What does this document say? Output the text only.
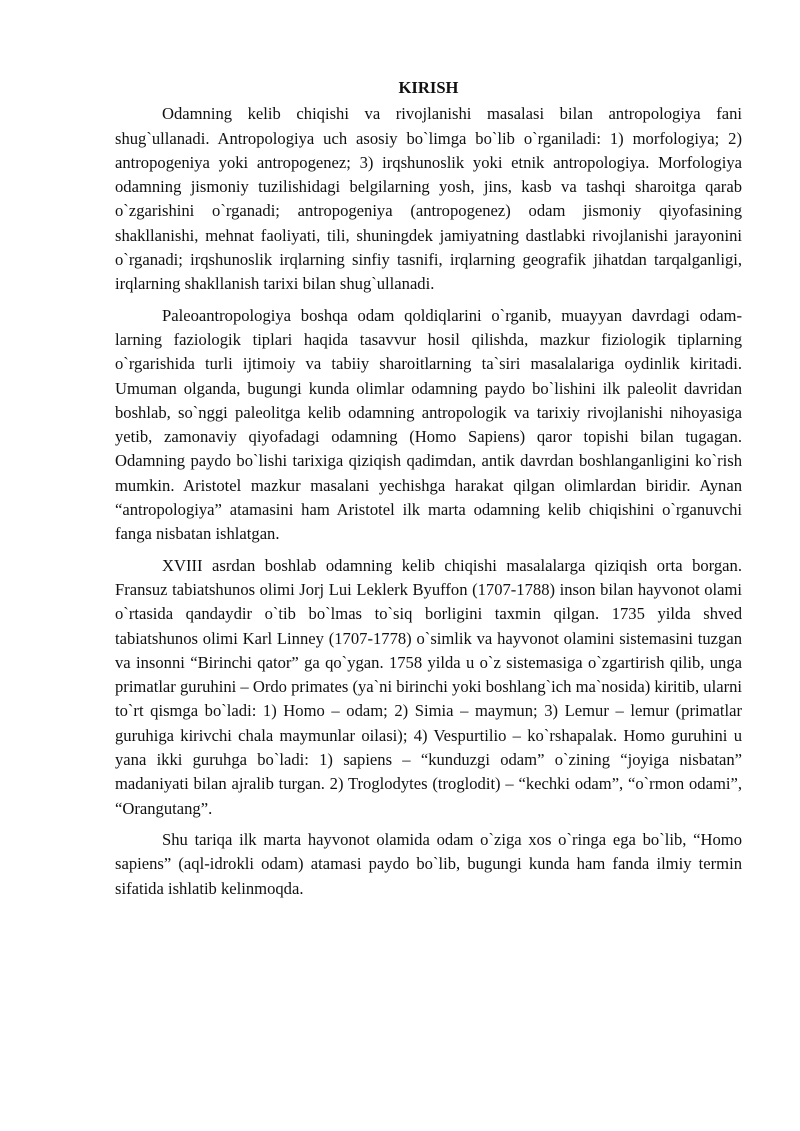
KIRISH

Odamning kelib chiqishi va rivojlanishi masalasi bilan antropologiya fani shug`ullanadi. Antropologiya uch asosiy bo`limga bo`lib o`rganiladi: 1) morfologiya; 2) antropogeniya yoki antropogenez; 3) irqshunoslik yoki etnik antropologiya. Morfologiya odamning jismoniy tuzilishidagi belgilarning yosh, jins, kasb va tashqi sharoitga qarab o`zgarishini o`rganadi; antropogeniya (antropogenez) odam jismoniy qiyofasining shakllanishi, mehnat faoliyati, tili, shuningdek jamiyatning dastlabki rivojlanishi jarayonini o`rganadi; irqshunoslik irqlarning sinfiy tasnifi, irqlarning geografik jihatdan tarqalganligi, irqlarning shakllanish tarixi bilan shug`ullanadi.

Paleoantropologiya boshqa odam qoldiqlarini o`rganib, muayyan davrdagi odam-larning faziologik tiplari haqida tasavvur hosil qilishda, mazkur fiziologik tiplarning o`rgarishida turli ijtimoiy va tabiiy sharoitlarning ta`siri masalalariga oydinlik kiritadi. Umuman olganda, bugungi kunda olimlar odamning paydo bo`lishini ilk paleolit davridan boshlab, so`nggi paleolitga kelib odamning antropologik va tarixiy rivojlanishi nihoyasiga yetib, zamonaviy qiyofadagi odamning (Homo Sapiens) qaror topishi bilan tugagan. Odamning paydo bo`lishi tarixiga qiziqish qadimdan, antik davrdan boshlanganligini ko`rish mumkin. Aristotel mazkur masalani yechishga harakat qilgan olimlardan biridir. Aynan “antropologiya” atamasini ham Aristotel ilk marta odamning kelib chiqishini o`rganuvchi fanga nisbatan ishlatgan.

XVIII asrdan boshlab odamning kelib chiqishi masalalarga qiziqish orta borgan. Fransuz tabiatshunos olimi Jorj Lui Leklerk Byuffon (1707-1788) inson bilan hayvonot olami o`rtasida qandaydir o`tib bo`lmas to`siq borligini taxmin qilgan. 1735 yilda shved tabiatshunos olimi Karl Linney (1707-1778) o`simlik va hayvonot olamini sistemasini tuzgan va insonni “Birinchi qator” ga qo`ygan. 1758 yilda u o`z sistemasiga o`zgartirish qilib, unga primatlar guruhini – Ordo primates (ya`ni birinchi yoki boshlang`ich ma`nosida) kiritib, ularni to`rt qismga bo`ladi: 1) Homo – odam; 2) Simia – maymun; 3) Lemur – lemur (primatlar guruhiga kirivchi chala maymunlar oilasi); 4) Vespurtilio – ko`rshapalak. Homo guruhini u yana ikki guruhga bo`ladi: 1) sapiens – “kunduzgi odam” o`zining “joyiga nisbatan” madaniyati bilan ajralib turgan. 2) Troglodytes (troglodit) – “kechki odam”, “o`rmon odami”, “Orangutang”.

Shu tariqa ilk marta hayvonot olamida odam o`ziga xos o`ringa ega bo`lib, “Homo sapiens” (aql-idrokli odam) atamasi paydo bo`lib, bugungi kunda ham fanda ilmiy termin sifatida ishlatib kelinmoqda.
